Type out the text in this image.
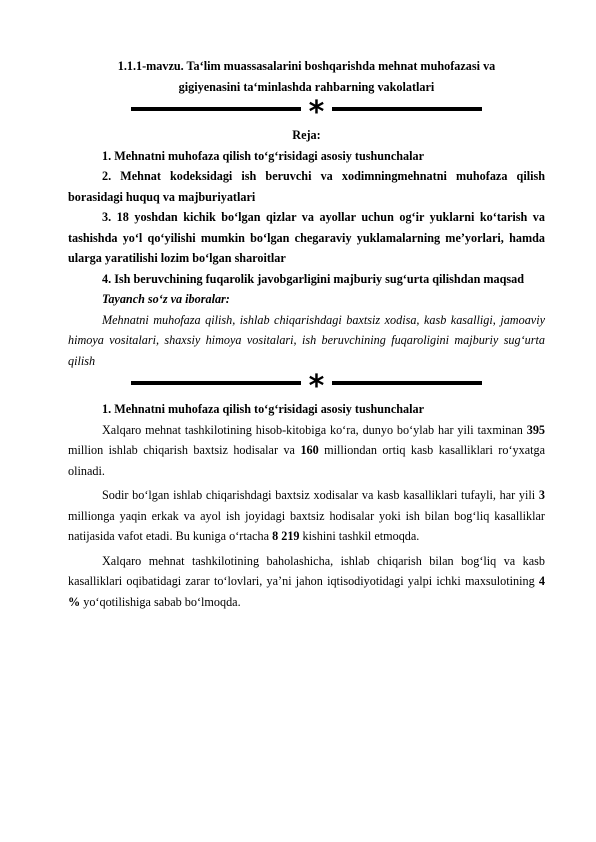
1.1.1-mavzu. Ta‘lim muassasalarini boshqarishda mehnat muhofazasi va

gigiyenasini ta‘minlashda rahbarning vakolatlari

*

Reja:

1. Mehnatni muhofaza qilish to‘g‘risidagi asosiy tushunchalar

2. Mehnat kodeksidagi ish beruvchi va xodimningmehnatni muhofaza qilish borasidagi huquq va majburiyatlari

3. 18 yoshdan kichik bo‘lgan qizlar va ayollar uchun og‘ir yuklarni ko‘tarish va tashishda yo‘l qo‘yilishi mumkin bo‘lgan chegaraviy yuklamalarning me’yorlari, hamda ularga yaratilishi lozim bo‘lgan sharoitlar

4. Ish beruvchining fuqarolik javobgarligini majburiy sug‘urta qilishdan maqsad

Tayanch so‘z va iboralar:

Mehnatni muhofaza qilish, ishlab chiqarishdagi baxtsiz xodisa, kasb kasalligi, jamoaviy himoya vositalari, shaxsiy himoya vositalari, ish beruvchining fuqaroligini majburiy sug‘urta qilish

*

1. Mehnatni muhofaza qilish to‘g‘risidagi asosiy tushunchalar

Xalqaro mehnat tashkilotining hisob-kitobiga ko‘ra, dunyo bo‘ylab har yili taxminan 395 million ishlab chiqarish baxtsiz hodisalar va 160 milliondan ortiq kasb kasalliklari ro‘yxatga olinadi.

Sodir bo‘lgan ishlab chiqarishdagi baxtsiz xodisalar va kasb kasalliklari tufayli, har yili 3 millionga yaqin erkak va ayol ish joyidagi baxtsiz hodisalar yoki ish bilan bog‘liq kasalliklar natijasida vafot etadi. Bu kuniga o‘rtacha 8 219 kishini tashkil etmoqda.

Xalqaro mehnat tashkilotining baholashicha, ishlab chiqarish bilan bog‘liq va kasb kasalliklari oqibatidagi zarar to‘lovlari, ya’ni jahon iqtisodiyotidagi yalpi ichki maxsulotining 4 % yo‘qotilishiga sabab bo‘lmoqda.
